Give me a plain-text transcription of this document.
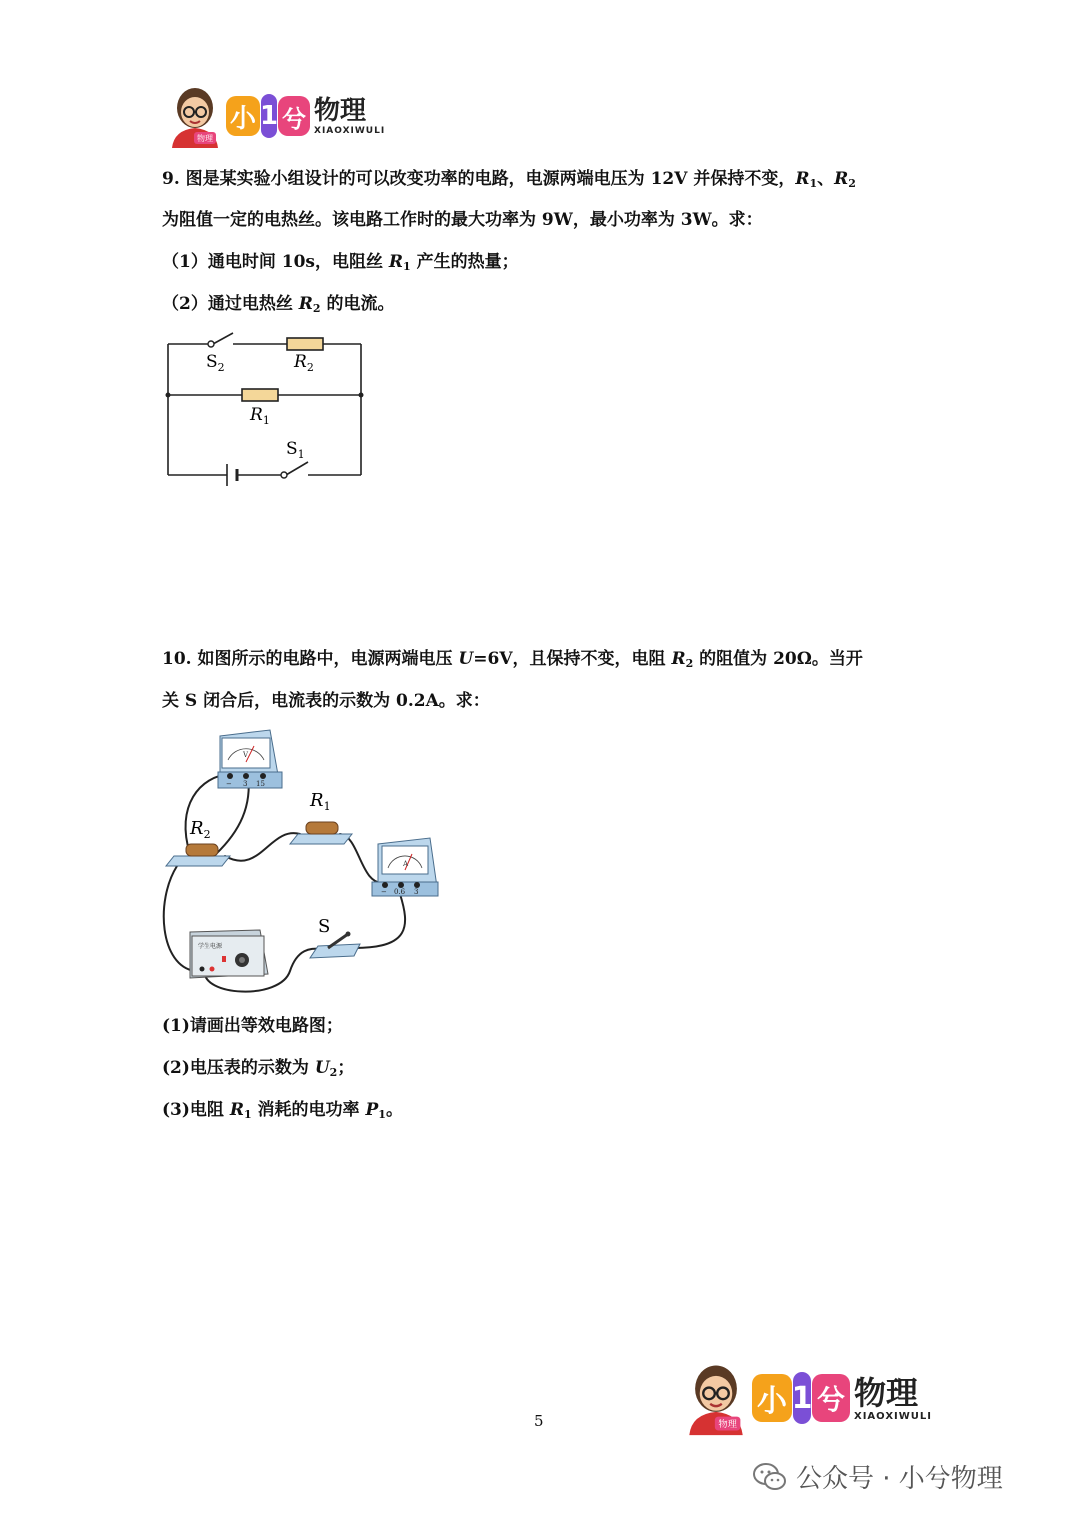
物理
小 1 兮 物理
XIAOXIWULI
9. 图是某实验小组设计的可以改变功率的电路，电源两端电压为 12V 并保持不变，$R_1$、$R_2$
为阻值一定的电热丝。该电路工作时的最大功率为 9W，最小功率为 3W。求：
（1）通电时间 10s，电阻丝 $R_1$ 产生的热量；
（2）通过电热丝 $R_2$ 的电流。
$S_2$	$R_2$
$R_1$
$S_1$
10. 如图所示的电路中，电源两端电压 U=6V，且保持不变，电阻 $R_2$ 的阻值为 20Ω。当开
关 S 闭合后，电流表的示数为 0.2A。求：
V
− 3 15
$R_2$
$R_1$
A
− 0.6 3
学生电源
S
(1)请画出等效电路图；
(2)电压表的示数为 $U_2$；
(3)电阻 $R_1$ 消耗的电功率 $P_1$。
物理
小 1 兮 物理
XIAOXIWULI
5
公众号 · 小兮物理
